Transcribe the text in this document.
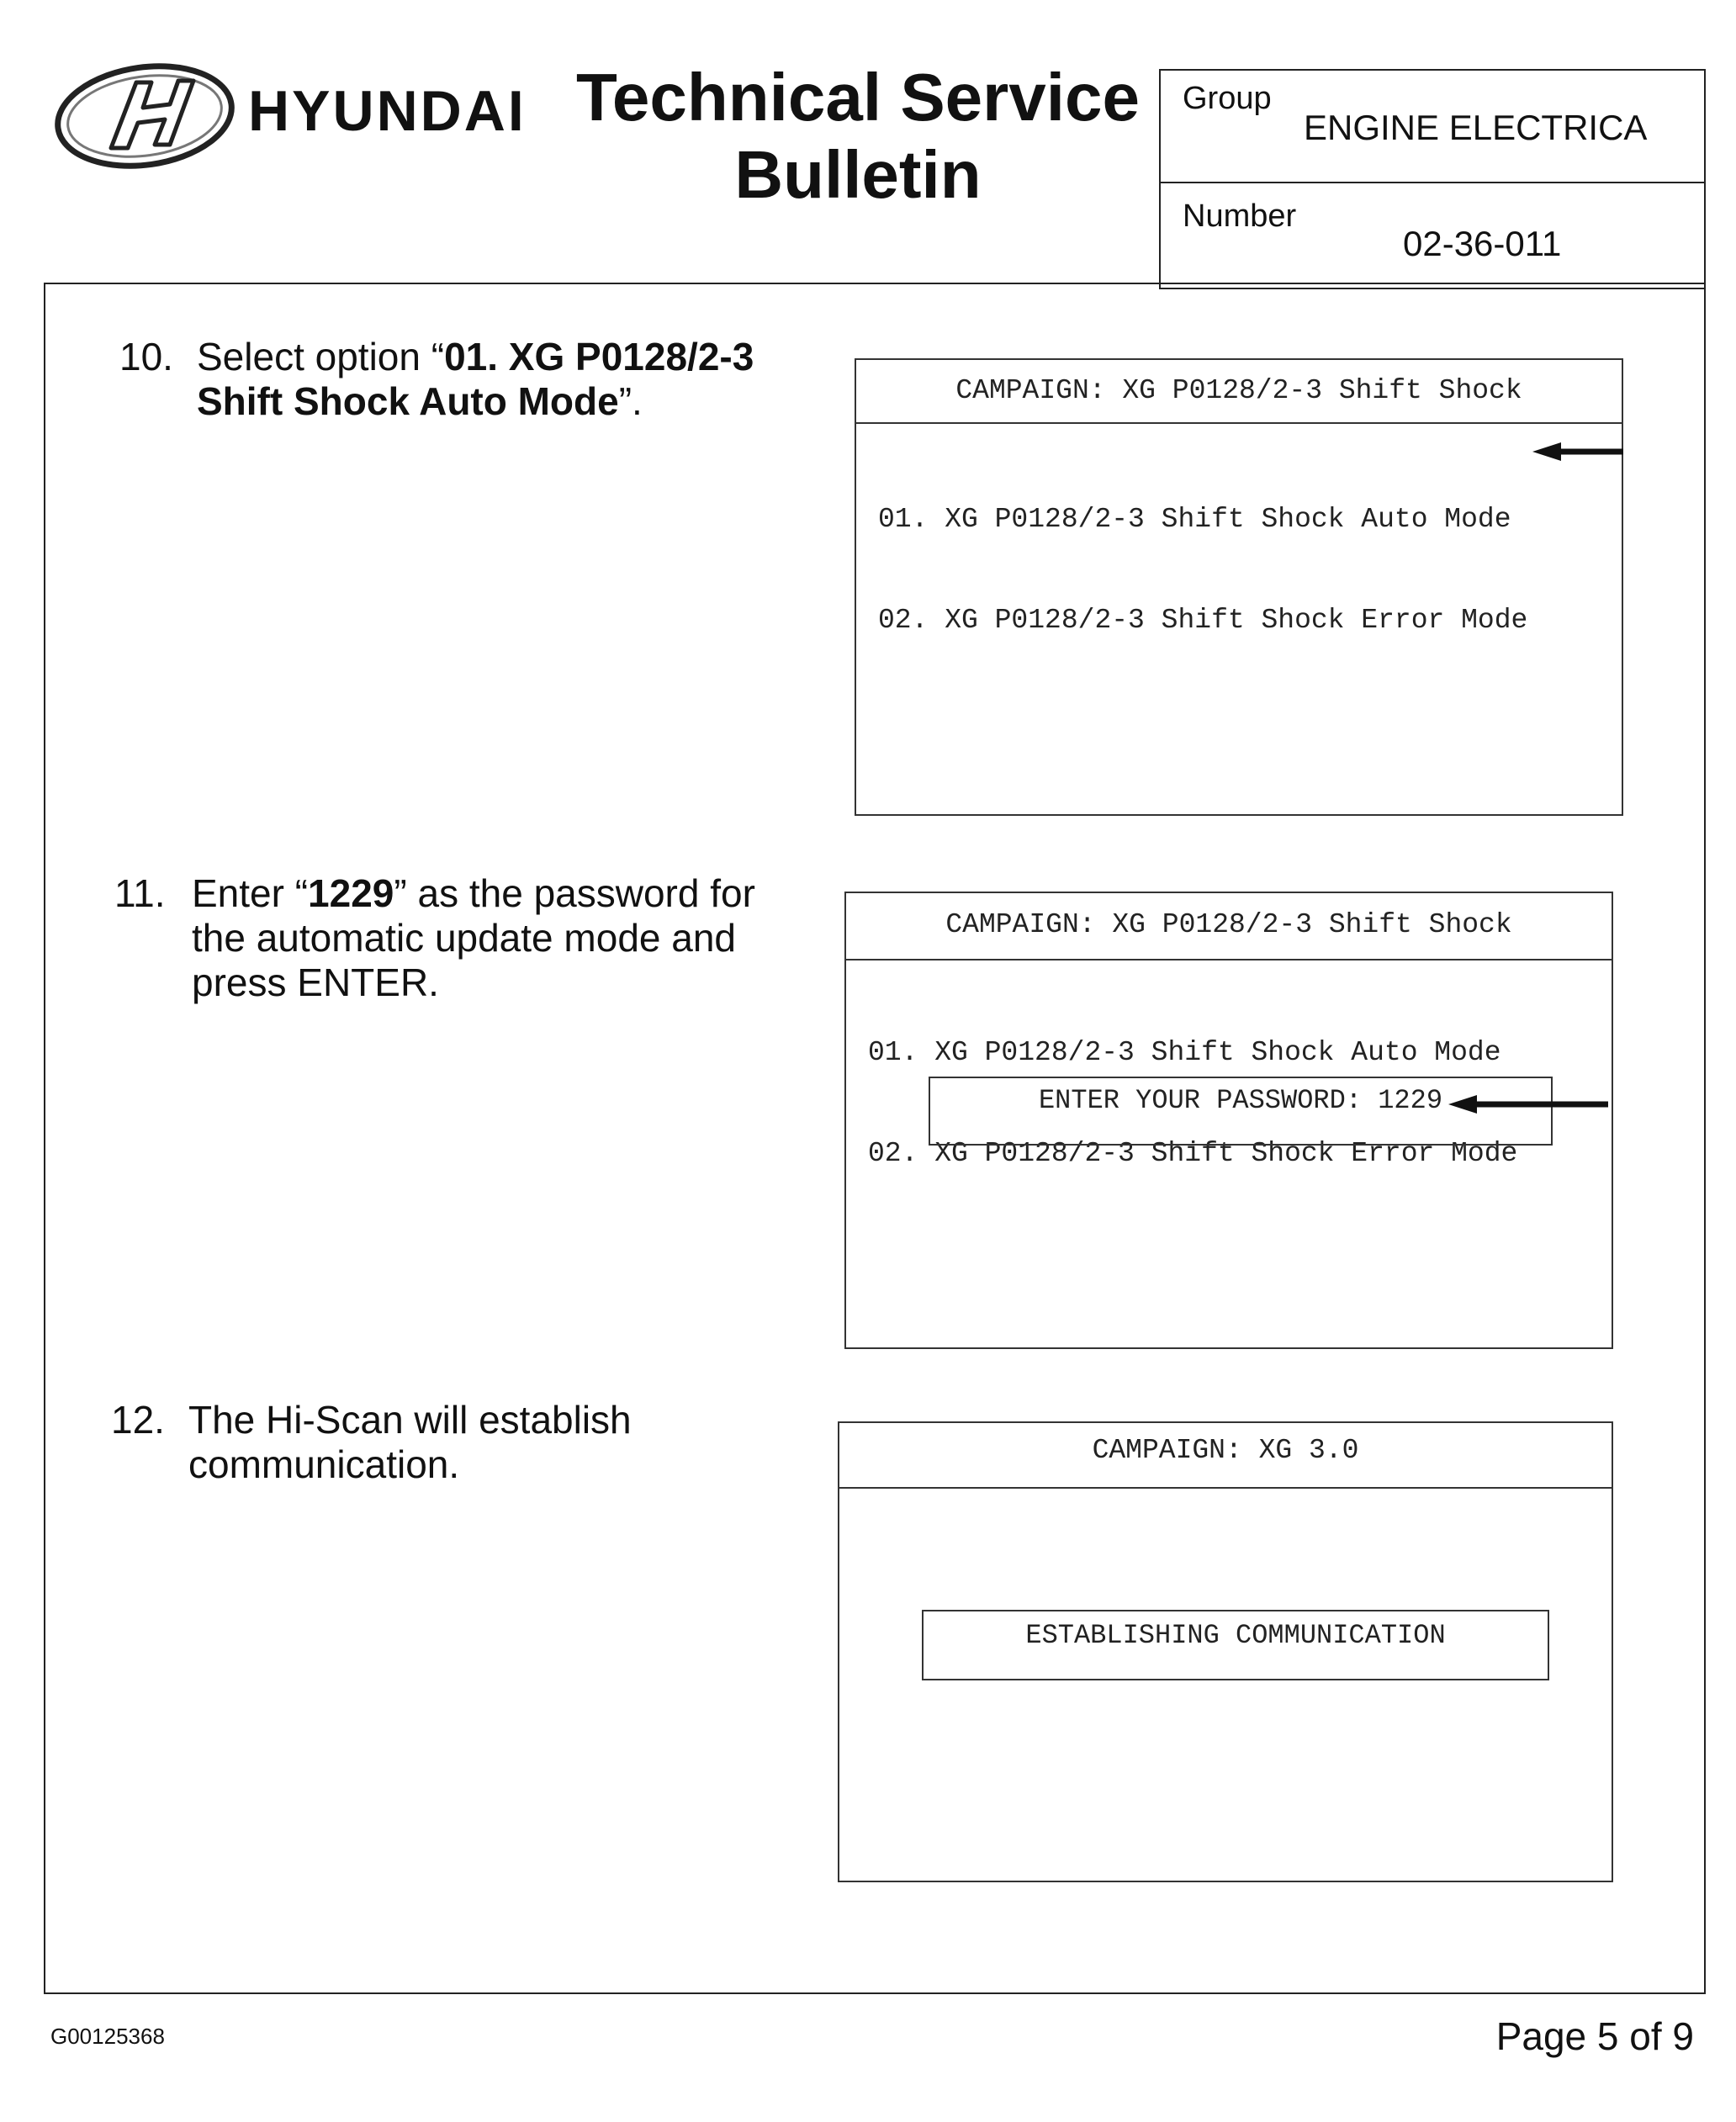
HYUNDAI Technical Service
Bulletin
Group
ENGINE ELECTRICA
Number
02-36-011
10. Select option “01. XG P0128/2-3
Shift Shock Auto Mode”.	CAMPAIGN: XG P0128/2-3 Shift Shock

01. XG P0128/2-3 Shift Shock Auto Mode

02. XG P0128/2-3 Shift Shock Error Mode

11. Enter “1229” as the password for
the automatic update mode and
press ENTER.
CAMPAIGN: XG P0128/2-3 Shift Shock

01. XG P0128/2-3 Shift Shock Auto Mode

02. XG P0128/2-3 Shift Shock Error Mode

ENTER YOUR PASSWORD: 1229
12. The Hi-Scan will establish
communication.	CAMPAIGN: XG 3.0
ESTABLISHING COMMUNICATION
G00125368	Page 5 of 9
